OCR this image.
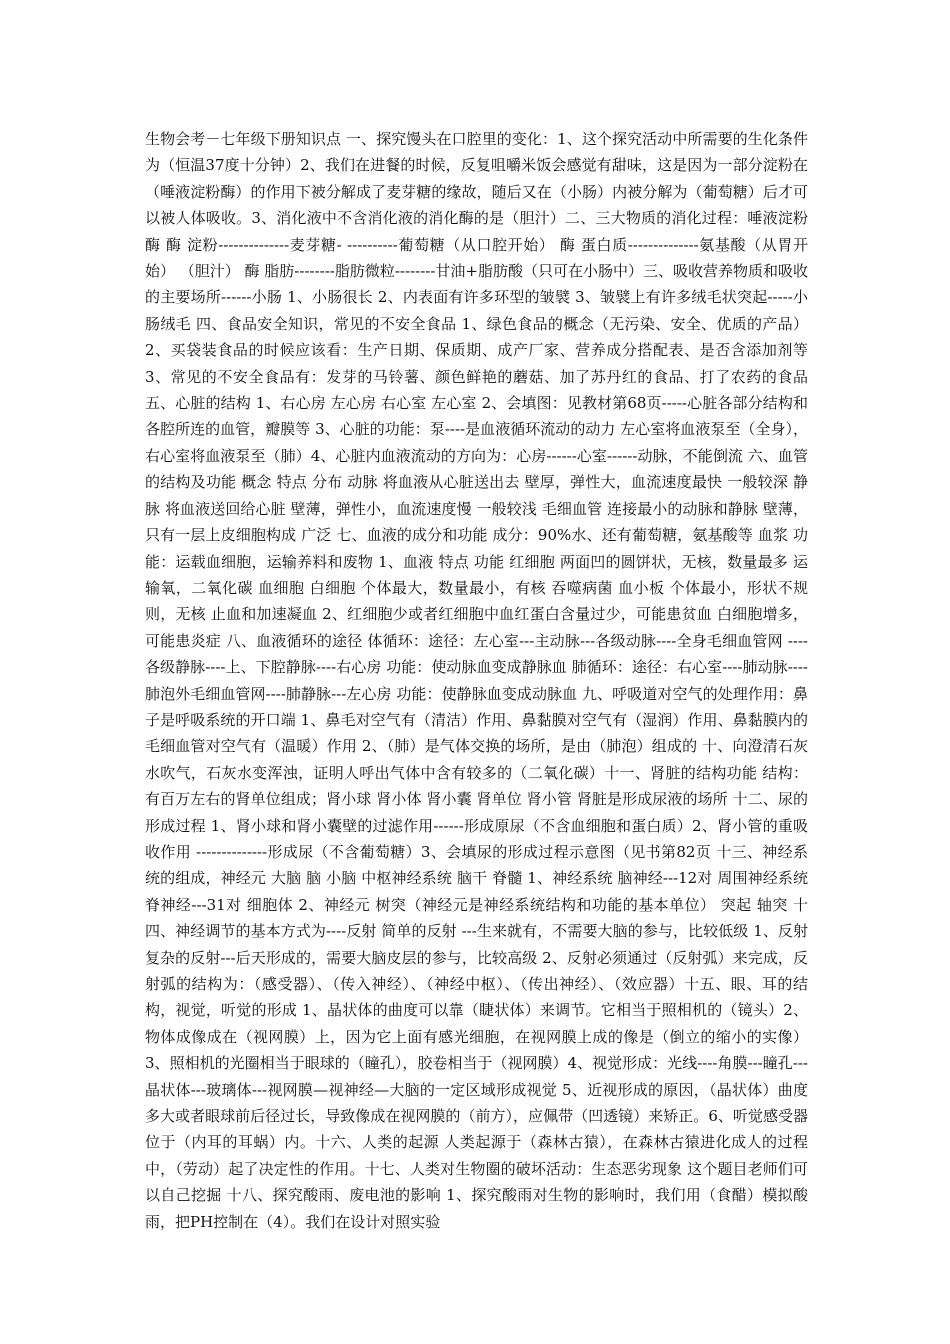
生物会考－七年级下册知识点 一、探究馒头在口腔里的变化：1、这个探究活动中所需要的生化条件为（恒温37度十分钟）2、我们在进餐的时候，反复咀嚼米饭会感觉有甜味，这是因为一部分淀粉在（唾液淀粉酶）的作用下被分解成了麦芽糖的缘故，随后又在（小肠）内被分解为（葡萄糖）后才可以被人体吸收。3、消化液中不含消化液的消化酶的是（胆汁）二、三大物质的消化过程：唾液淀粉酶 酶 淀粉--------------麦芽糖- ----------葡萄糖（从口腔开始） 酶 蛋白质--------------氨基酸（从胃开始） （胆汁） 酶 脂肪--------脂肪微粒--------甘油+脂肪酸（只可在小肠中）三、吸收营养物质和吸收的主要场所------小肠 1、小肠很长 2、内表面有许多环型的皱襞 3、皱襞上有许多绒毛状突起-----小肠绒毛 四、食品安全知识，常见的不安全食品 1、绿色食品的概念（无污染、安全、优质的产品）2、买袋装食品的时候应该看：生产日期、保质期、成产厂家、营养成分搭配表、是否含添加剂等 3、常见的不安全食品有：发芽的马铃薯、颜色鲜艳的蘑菇、加了苏丹红的食品、打了农药的食品 五、心脏的结构 1、右心房 左心房 右心室 左心室 2、会填图：见教材第68页-----心脏各部分结构和各腔所连的血管，瓣膜等 3、心脏的功能：泵----是血液循环流动的动力 左心室将血液泵至（全身），右心室将血液泵至（肺）4、心脏内血液流动的方向为：心房------心室------动脉，不能倒流 六、血管的结构及功能 概念 特点 分布 动脉 将血液从心脏送出去 壁厚，弹性大，血流速度最快 一般较深 静脉 将血液送回给心脏 壁薄，弹性小，血流速度慢 一般较浅 毛细血管 连接最小的动脉和静脉 壁薄，只有一层上皮细胞构成 广泛 七、血液的成分和功能 成分：90%水、还有葡萄糖，氨基酸等 血浆 功能：运载血细胞，运输养料和废物 1、血液 特点 功能 红细胞 两面凹的圆饼状，无核，数量最多 运输氧，二氧化碳 血细胞 白细胞 个体最大，数量最小，有核 吞噬病菌 血小板 个体最小，形状不规则，无核 止血和加速凝血 2、红细胞少或者红细胞中血红蛋白含量过少，可能患贫血 白细胞增多，可能患炎症 八、血液循环的途径 体循环：途径：左心室---主动脉---各级动脉----全身毛细血管网 ----各级静脉----上、下腔静脉----右心房 功能：使动脉血变成静脉血 肺循环：途径：右心室----肺动脉----肺泡外毛细血管网----肺静脉---左心房 功能：使静脉血变成动脉血 九、呼吸道对空气的处理作用：鼻子是呼吸系统的开口端 1、鼻毛对空气有（清洁）作用、鼻黏膜对空气有（湿润）作用、鼻黏膜内的毛细血管对空气有（温暖）作用 2、（肺）是气体交换的场所，是由（肺泡）组成的 十、向澄清石灰水吹气，石灰水变浑浊，证明人呼出气体中含有较多的（二氧化碳）十一、肾脏的结构功能 结构：有百万左右的肾单位组成；肾小球 肾小体 肾小囊 肾单位 肾小管 肾脏是形成尿液的场所 十二、尿的形成过程 1、肾小球和肾小囊壁的过滤作用------形成原尿（不含血细胞和蛋白质）2、肾小管的重吸收作用 --------------形成尿（不含葡萄糖）3、会填尿的形成过程示意图（见书第82页 十三、神经系统的组成，神经元 大脑 脑 小脑 中枢神经系统 脑干 脊髓 1、神经系统 脑神经---12对 周围神经系统 脊神经---31对 细胞体 2、神经元 树突（神经元是神经系统结构和功能的基本单位） 突起 轴突 十四、神经调节的基本方式为----反射 简单的反射 ---生来就有，不需要大脑的参与，比较低级 1、反射 复杂的反射---后天形成的，需要大脑皮层的参与，比较高级 2、反射必须通过（反射弧）来完成，反射弧的结构为：（感受器）、（传入神经）、（神经中枢）、（传出神经）、（效应器）十五、眼、耳的结构，视觉，听觉的形成 1、晶状体的曲度可以靠（睫状体）来调节。它相当于照相机的（镜头）2、物体成像成在（视网膜）上，因为它上面有感光细胞，在视网膜上成的像是（倒立的缩小的实像）3、照相机的光圈相当于眼球的（瞳孔），胶卷相当于（视网膜）4、视觉形成：光线----角膜---瞳孔---晶状体---玻璃体---视网膜—视神经—大脑的一定区域形成视觉 5、近视形成的原因，（晶状体）曲度多大或者眼球前后径过长，导致像成在视网膜的（前方），应佩带（凹透镜）来矫正。6、听觉感受器位于（内耳的耳蜗）内。十六、人类的起源 人类起源于（森林古猿），在森林古猿进化成人的过程中，（劳动）起了决定性的作用。十七、人类对生物圈的破坏活动：生态恶劣现象 这个题目老师们可以自己挖掘 十八、探究酸雨、废电池的影响 1、探究酸雨对生物的影响时，我们用（食醋）模拟酸雨，把PH控制在（4）。我们在设计对照实验
